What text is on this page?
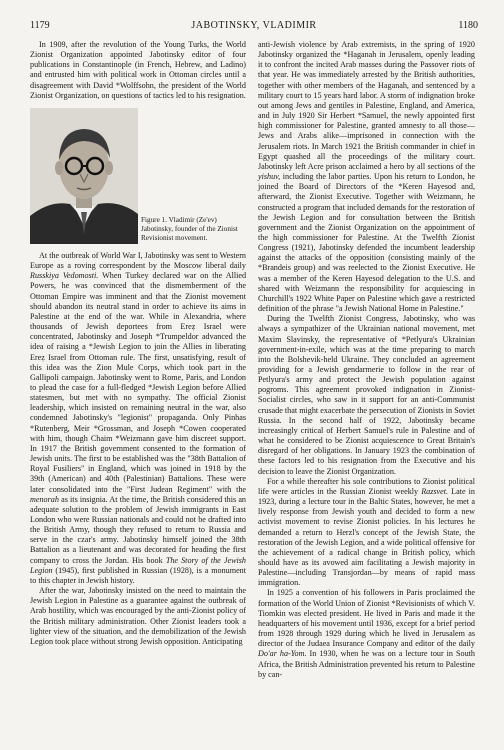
1179	JABOTINSKY, VLADIMIR	1180

In 1909, after the revolution of the Young Turks, the World Zionist Organization appointed Jabotinsky editor of four publications in Constantinople (in French, Hebrew, and Ladino) and entrusted him with political work in Ottoman circles until a disagreement with David *Wolffsohn, the president of the World Zionist Organization, on questions of tactics led to his resignation.

Figure 1. Vladimir (Ze'ev) Jabotinsky, founder of the Zionist Revisionist movement.

At the outbreak of World War I, Jabotinsky was sent to Western Europe as a roving correspondent by the Moscow liberal daily Russkiya Vedomosti. When Turkey declared war on the Allied Powers, he was convinced that the dismemberment of the Ottoman Empire was imminent and that the Zionist movement should abandon its neutral stand in order to achieve its aims in Palestine at the end of the war. While in Alexandria, where thousands of Jewish deportees from Ereẓ Israel were concentrated, Jabotinsky and Joseph *Trumpeldor advanced the idea of raising a *Jewish Legion to join the Allies in liberating Ereẓ Israel from Ottoman rule. The first, unsatisfying, result of this idea was the Zion Mule Corps, which took part in the Gallipoli campaign. Jabotinsky went to Rome, Paris, and London to plead the case for a full-fledged *Jewish Legion before Allied statesmen, but met with no sympathy. The official Zionist leadership, which insisted on remaining neutral in the war, also condemned Jabotinsky's "legionist" propaganda. Only Pinhas *Rutenberg, Meir *Grossman, and Joseph *Cowen cooperated with him, though Chaim *Weizmann gave him discreet support. In 1917 the British government consented to the formation of Jewish units. The first to be established was the "38th Battalion of Royal Fusiliers" in England, which was joined in 1918 by the 39th (American) and 40th (Palestinian) Battalions. These were later consolidated into the "First Judean Regiment" with the menorah as its insignia. At the time, the British considered this an adequate solution to the problem of Jewish immigrants in East London who were Russian nationals and could not be drafted into the British Army, though they refused to return to Russia and serve in the czar's army. Jabotinsky himself joined the 38th Battalion as a lieutenant and was decorated for heading the first company to cross the Jordan. His book The Story of the Jewish Legion (1945), first published in Russian (1928), is a monument to this chapter in Jewish history.

After the war, Jabotinsky insisted on the need to maintain the Jewish Legion in Palestine as a guarantee against the outbreak of Arab hostility, which was encouraged by the anti-Zionist policy of the British military administration. Other Zionist leaders took a lighter view of the situation, and the demobilization of the Jewish Legion took place without strong Jewish opposition. Anticipating

anti-Jewish violence by Arab extremists, in the spring of 1920 Jabotinsky organized the *Haganah in Jerusalem, openly leading it to confront the incited Arab masses during the Passover riots of that year. He was immediately arrested by the British authorities, together with other members of the Haganah, and sentenced by a military court to 15 years hard labor. A storm of indignation broke out among Jews and gentiles in Palestine, England, and America, and in July 1920 Sir Herbert *Samuel, the newly appointed first high commissioner for Palestine, granted amnesty to all those—Jews and Arabs alike—imprisoned in connection with the Jerusalem riots. In March 1921 the British commander in chief in Egypt quashed all the proceedings of the military court. Jabotinsky left Acre prison acclaimed a hero by all sections of the yishuv, including the labor parties. Upon his return to London, he joined the Board of Directors of the *Keren Hayesod and, afterward, the Zionist Executive. Together with Weizmann, he constructed a program that included demands for the restoration of the Jewish Legion and for consultation between the British government and the Zionist Organization on the appointment of the high commissioner for Palestine. At the Twelfth Zionist Congress (1921), Jabotinsky defended the incumbent leadership against the attacks of the opposition (consisting mainly of the *Brandeis group) and was reelected to the Zionist Executive. He was a member of the Keren Hayesod delegation to the U.S. and shared with Weizmann the responsibility for acquiescing in Churchill's 1922 White Paper on Palestine which gave a restricted definition of the phrase "a Jewish National Home in Palestine."

During the Twelfth Zionist Congress, Jabotinsky, who was always a sympathizer of the Ukrainian national movement, met Maxim Slavinsky, the representative of *Petlyura's Ukrainian government-in-exile, which was at the time preparing to march into the Bolshevik-held Ukraine. They concluded an agreement providing for a Jewish gendarmerie to follow in the rear of Petlyura's army and protect the Jewish population against pogroms. This agreement provoked indignation in Zionist-Socialist circles, who saw in it support for an anti-Communist crusade that might exacerbate the persecution of Zionists in Soviet Russia. In the second half of 1922, Jabotinsky became increasingly critical of Herbert Samuel's rule in Palestine and of what he considered to be Zionist acquiescence to Great Britain's disregard of her obligations. In January 1923 the combination of these factors led to his resignation from the Executive and his decision to leave the Zionist Organization.

For a while thereafter his sole contributions to Zionist political life were articles in the Russian Zionist weekly Razsvet. Late in 1923, during a lecture tour in the Baltic States, however, he met a lively response from Jewish youth and decided to form a new activist movement to revise Zionist policies. In his lectures he demanded a return to Herzl's concept of the Jewish State, the restoration of the Jewish Legion, and a wide political offensive for the achievement of a radical change in British policy, which should have as its avowed aim facilitating a Jewish majority in Palestine—including Transjordan—by means of rapid mass immigration.

In 1925 a convention of his followers in Paris proclaimed the formation of the World Union of Zionist *Revisionists of which V. Tiomkin was elected president. He lived in Paris and made it the headquarters of his movement until 1936, except for a brief period from 1928 through 1929 during which he lived in Jerusalem as director of the Judaea Insurance Company and editor of the daily Do'ar ha-Yom. In 1930, when he was on a lecture tour in South Africa, the British Administration prevented his return to Palestine by can-
